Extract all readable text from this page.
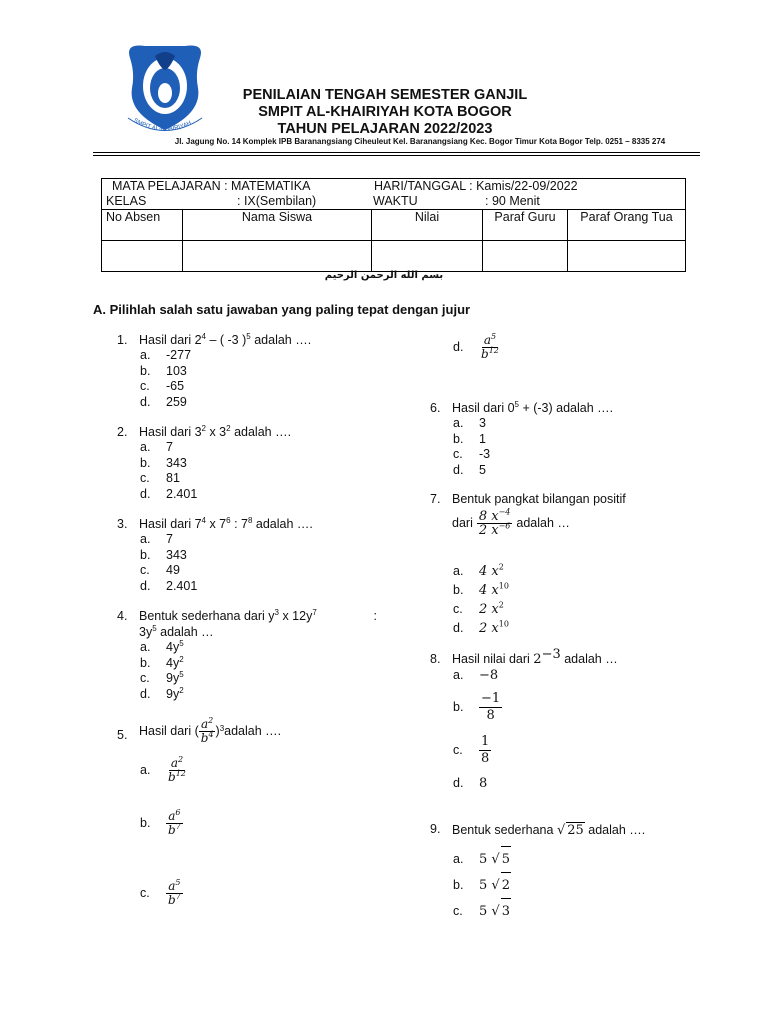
SMPIT AL-KHAIRIYAH
PENILAIAN TENGAH SEMESTER GANJIL
SMPIT AL-KHAIRIYAH KOTA BOGOR
TAHUN PELAJARAN 2022/2023
Jl. Jagung No. 14 Komplek IPB Baranangsiang Ciheuleut Kel. Baranangsiang Kec. Bogor Timur Kota Bogor Telp. 0251 – 8335 274
MATA PELAJARAN : MATEMATIKA HARI/TANGGAL : Kamis/22-09/2022				
KELAS : IX(Sembilan) WAKTU : 90 Menit				
No Absen	Nama Siswa	Nilai	Paraf Guru	Paraf Orang Tua

بسم الله الرحمن الرحيم
A. Pilihlah salah satu jawaban yang paling tepat dengan jujur
1. Hasil dari $2^4$ – ( -3 )$^5$ adalah ….
a. -277
b. 103
c. -65
d. 259
2. Hasil dari $3^2$ x $3^2$ adalah ….
a. 7
b. 343
c. 81
d. 2.401
3. Hasil dari $7^4$ x $7^6$ : $7^8$ adalah ….
a. 7
b. 343
c. 49
d. 2.401
4. Bentuk sederhana dari $y^3$ x $12y^7$	:
$3y^5$ adalah …
a. $4y^5$
b. $4y^2$
c. $9y^5$
d. $9y^2$
5. Hasil dari ( $\frac{a^2}{b^4} )^3$ adalah ….
a. $\frac{a^2}{b^{12}}$
b. $\frac{a^6}{b^7}$
c. $\frac{a^5}{b^7}$
d. $\frac{a^5}{b^{12}}$
6. Hasil dari $0^5 + (-3)$ adalah ….
a. 3
b. 1
c. -3
d. 5
7. Bentuk pangkat bilangan positif
dari $\frac{8 x^{-4}}{2 x^{-6}}$ adalah …
a. 4 $x^2$
b. 4 $x^{10}$
c. 2 $x^2$
d. 2 $x^{10}$
8. Hasil nilai dari $2^{-3}$ adalah …
a. −8
b. $\frac{-1}{8}$
c. $\frac{1}{8}$
d. 8
9. Bentuk sederhana √ 25 adalah ….
a. 5 √ 5
b. 5 √ 2
c. 5 √ 3
